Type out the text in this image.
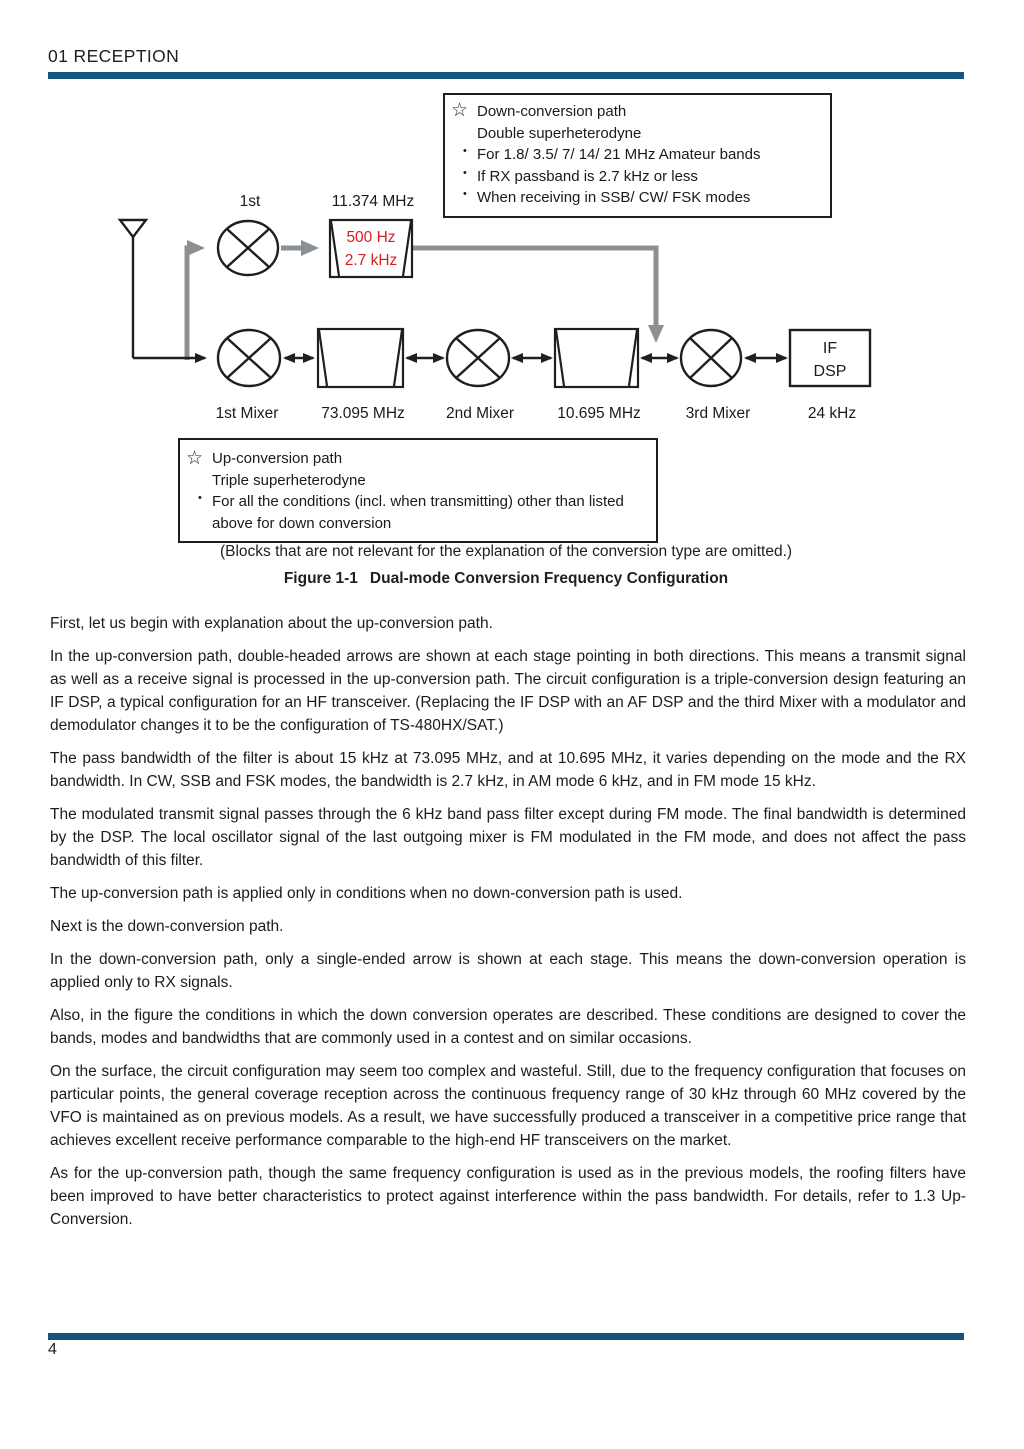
01 RECEPTION
☆ Down-conversion path
Double superheterodyne
• For 1.8/ 3.5/ 7/ 14/ 21 MHz Amateur bands
• If RX passband is 2.7 kHz or less
• When receiving in SSB/ CW/ FSK modes
500 Hz
2.7 kHz
1st	11.374 MHz
IF
DSP
1st Mixer	73.095 MHz	2nd Mixer	10.695 MHz	3rd Mixer	24 kHz
☆ Up-conversion path
Triple superheterodyne
• For all the conditions (incl. when transmitting) other than listed above for down conversion
(Blocks that are not relevant for the explanation of the conversion type are omitted.)
Figure 1-1 Dual-mode Conversion Frequency Configuration

First, let us begin with explanation about the up-conversion path.

In the up-conversion path, double-headed arrows are shown at each stage pointing in both directions. This means a transmit signal as well as a receive signal is processed in the up-conversion path. The circuit configuration is a triple-conversion design featuring an IF DSP, a typical configuration for an HF transceiver. (Replacing the IF DSP with an AF DSP and the third Mixer with a modulator and demodulator changes it to be the configuration of TS-480HX/SAT.)

The pass bandwidth of the filter is about 15 kHz at 73.095 MHz, and at 10.695 MHz, it varies depending on the mode and the RX bandwidth. In CW, SSB and FSK modes, the bandwidth is 2.7 kHz, in AM mode 6 kHz, and in FM mode 15 kHz.

The modulated transmit signal passes through the 6 kHz band pass filter except during FM mode. The final bandwidth is determined by the DSP. The local oscillator signal of the last outgoing mixer is FM modulated in the FM mode, and does not affect the pass bandwidth of this filter.

The up-conversion path is applied only in conditions when no down-conversion path is used.

Next is the down-conversion path.

In the down-conversion path, only a single-ended arrow is shown at each stage. This means the down-conversion operation is applied only to RX signals.

Also, in the figure the conditions in which the down conversion operates are described. These conditions are designed to cover the bands, modes and bandwidths that are commonly used in a contest and on similar occasions.

On the surface, the circuit configuration may seem too complex and wasteful. Still, due to the frequency configuration that focuses on particular points, the general coverage reception across the continuous frequency range of 30 kHz through 60 MHz covered by the VFO is maintained as on previous models. As a result, we have successfully produced a transceiver in a competitive price range that achieves excellent receive performance comparable to the high-end HF transceivers on the market.

As for the up-conversion path, though the same frequency configuration is used as in the previous models, the roofing filters have been improved to have better characteristics to protect against interference within the pass bandwidth. For details, refer to 1.3 Up-Conversion.

4
